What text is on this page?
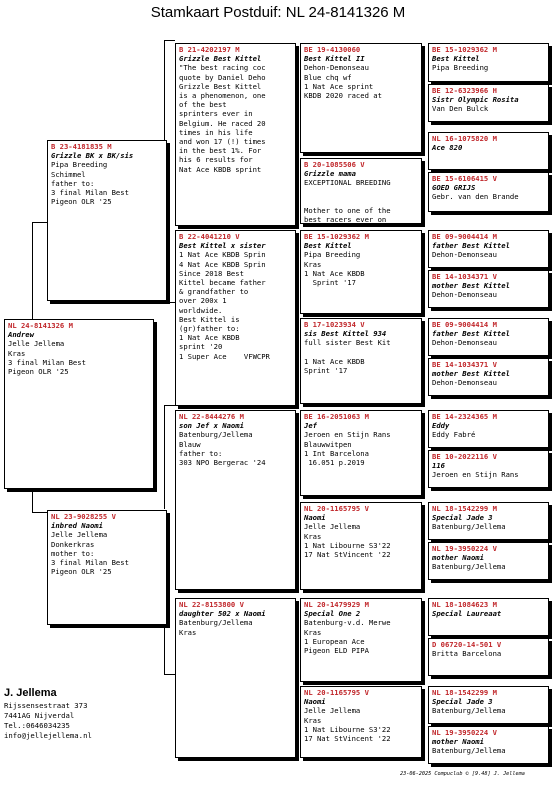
Stamkaart Postduif: NL 24-8141326 M
NL 24-8141326 M
Andrew
Jelle Jellema
Kras
3 final Milan Best
Pigeon OLR '25
B 23-4181835 M
Grizzle BK x BK/sis
Pipa Breeding
Schimmel
father to:
3 final Milan Best
Pigeon OLR '25
NL 23-9028255 V
inbred Naomi
Jelle Jellema
Donkerkras
mother to:
3 final Milan Best
Pigeon OLR '25
B 21-4202197 M
Grizzle Best Kittel
"The best racing coc
quote by Daniel Deho
Grizzle Best Kittel
is a phenomenon, one
of the best
sprinters ever in
Belgium. He raced 20
times in his life
and won 17 (!) times
in the best 1%. For
his 6 results for
Nat Ace KBDB sprint
B 22-4041210 V
Best Kittel x sister
1 Nat Ace KBDB Sprin
4 Nat Ace KBDB Sprin
Since 2018 Best
Kittel became father
& grandfather to
over 200x 1
worldwide.
Best Kittel is
(gr)father to:
1 Nat Ace KBDB
sprint '20
1 Super Ace    VFWCPR
NL 22-8444276 M
son Jef x Naomi
Batenburg/Jellema
Blauw
father to:
303 NPO Bergerac '24
NL 22-8153800 V
daughter 502 x Naomi
Batenburg/Jellema
Kras
BE 19-4130060
Best Kittel II
Dehon-Demonseau
Blue chq wf
1 Nat Ace sprint
KBDB 2020 raced at
B 20-1085506 V
Grizzle mama
EXCEPTIONAL BREEDING

Mother to one of the
best racers ever on
BE 15-1029362 M
Best Kittel
Pipa Breeding
Kras
1 Nat Ace KBDB
Sprint '17
B 17-1023934 V
sis Best Kittel 934
full sister Best Kit

1 Nat Ace KBDB
Sprint '17
BE 16-2051063 M
Jef
Jeroen en Stijn Rans
Blauwwitpen
1 Int Barcelona
16.051 p.2019
NL 20-1165795 V
Naomi
Jelle Jellema
Kras
1 Nat Libourne S3'22
17 Nat StVincent '22
NL 20-1479929 M
Special One 2
Batenburg-v.d. Merwe
Kras
1 European Ace
Pigeon ELD PIPA
NL 20-1165795 V
Naomi
Jelle Jellema
Kras
1 Nat Libourne S3'22
17 Nat StVincent '22
BE 15-1029362 M
Best Kittel
Pipa Breeding
BE 12-6323966 H
Sistr Olympic Rosita
Van Den Bulck
NL 16-1075820 M
Ace 820
BE 15-6106415 V
GOED GRIJS
Gebr. van den Brande
BE 09-9004414 M
father Best Kittel
Dehon-Demonseau
BE 14-1034371 V
mother Best Kittel
Dehon-Demonseau
BE 09-9004414 M
father Best Kittel
Dehon-Demonseau
BE 14-1034371 V
mother Best Kittel
Dehon-Demonseau
BE 14-2324365 M
Eddy
Eddy Fabré
BE 10-2022116 V
116
Jeroen en Stijn Rans
NL 18-1542299 M
Special Jade 3
Batenburg/Jellema
NL 19-3950224 V
mother Naomi
Batenburg/Jellema
NL 18-1084623 M
Special Laureaat
D 06720-14-501 V
Britta Barcelona
NL 18-1542299 M
Special Jade 3
Batenburg/Jellema
NL 19-3950224 V
mother Naomi
Batenburg/Jellema
J. Jellema
Rijssensestraat 373
7441AG Nijverdal
Tel.:0646034235
info@jellejellema.nl
23-06-2025 Compuclub © [9.48] J. Jellema
